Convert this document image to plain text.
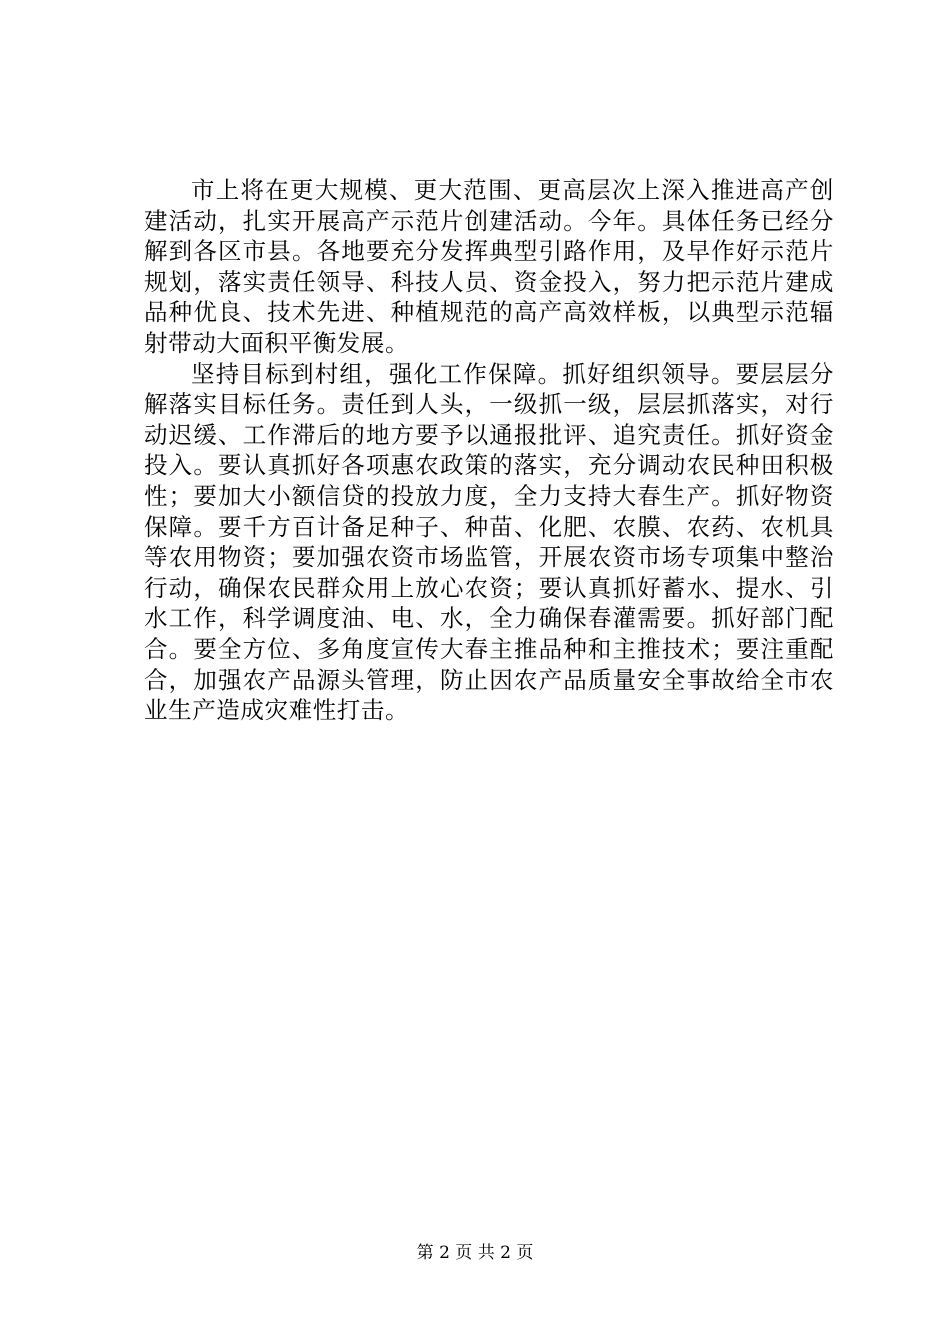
市上将在更大规模、更大范围、更高层次上深入推进高产创建活动，扎实开展高产示范片创建活动。今年。具体任务已经分解到各区市县。各地要充分发挥典型引路作用，及早作好示范片规划，落实责任领导、科技人员、资金投入，努力把示范片建成品种优良、技术先进、种植规范的高产高效样板，以典型示范辐射带动大面积平衡发展。

坚持目标到村组，强化工作保障。抓好组织领导。要层层分解落实目标任务。责任到人头，一级抓一级，层层抓落实，对行动迟缓、工作滞后的地方要予以通报批评、追究责任。抓好资金投入。要认真抓好各项惠农政策的落实，充分调动农民种田积极性；要加大小额信贷的投放力度，全力支持大春生产。抓好物资保障。要千方百计备足种子、种苗、化肥、农膜、农药、农机具等农用物资；要加强农资市场监管，开展农资市场专项集中整治行动，确保农民群众用上放心农资；要认真抓好蓄水、提水、引水工作，科学调度油、电、水，全力确保春灌需要。抓好部门配合。要全方位、多角度宣传大春主推品种和主推技术；要注重配合，加强农产品源头管理，防止因农产品质量安全事故给全市农业生产造成灾难性打击。

第 2 页 共 2 页
